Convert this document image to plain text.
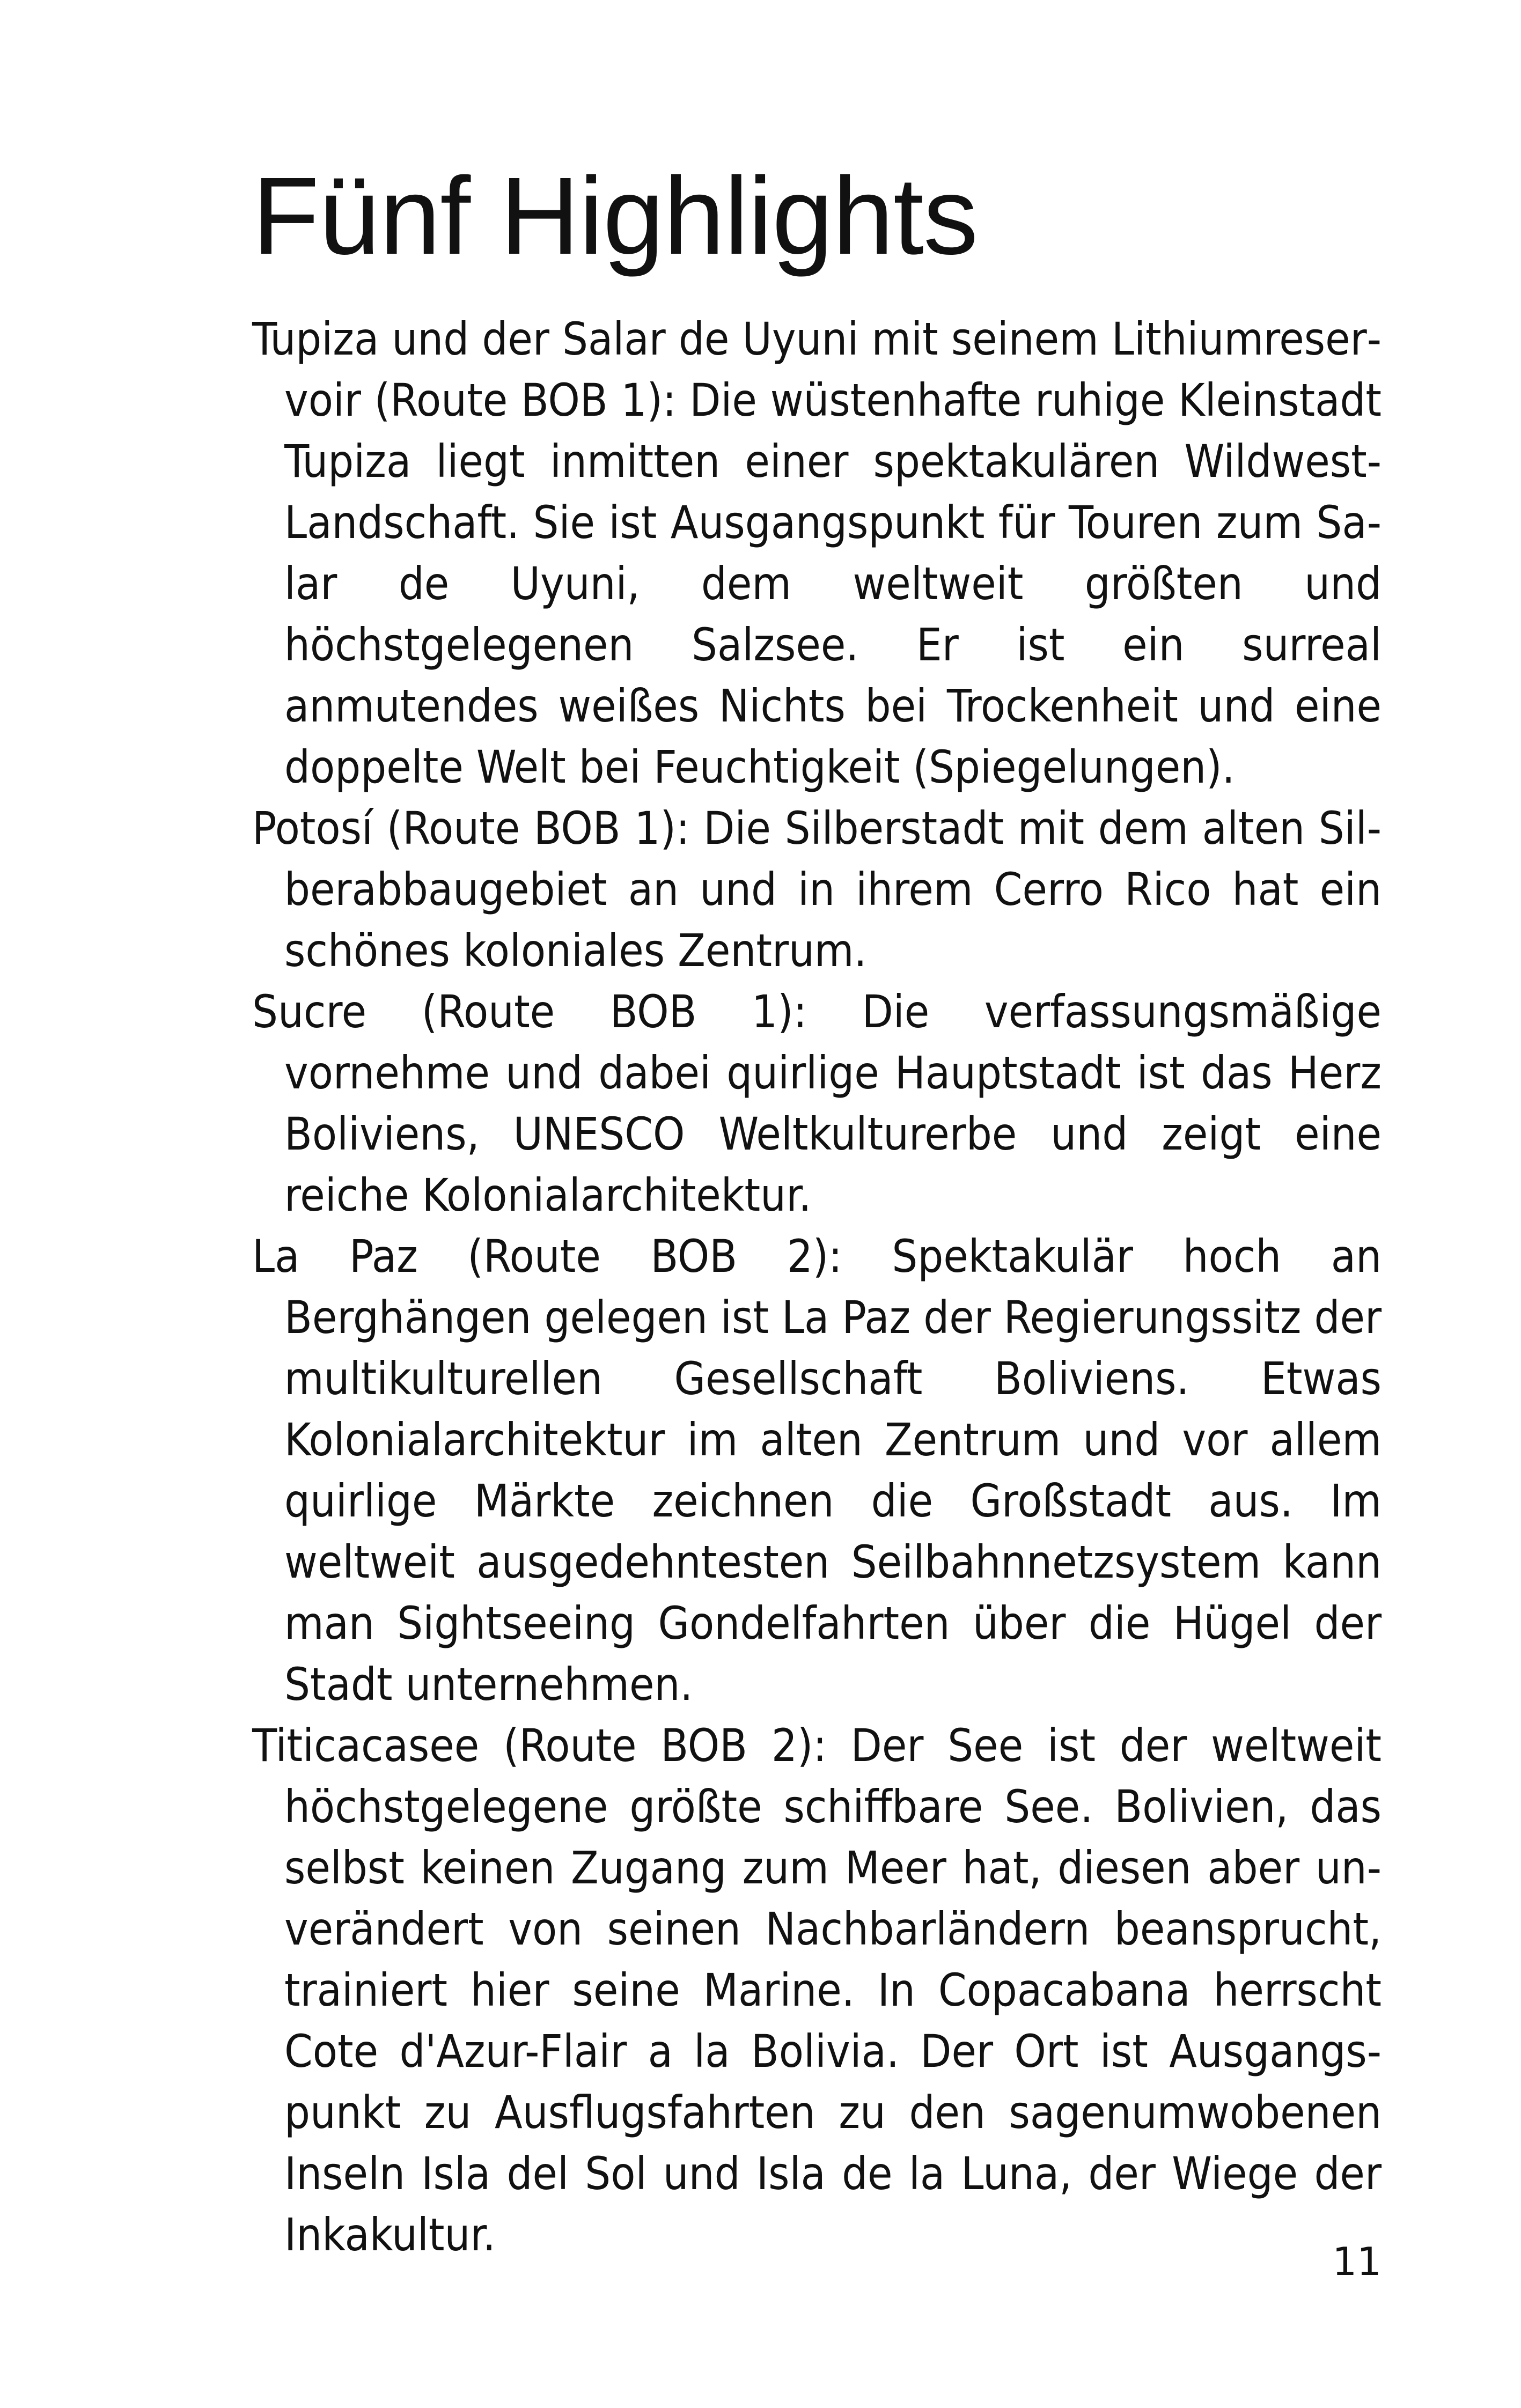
Fünf Highlights
Tupiza und der Salar de Uyuni mit seinem Lithiumreservoir (Route BOB 1): Die wüstenhafte ruhige Kleinstadt Tupiza liegt inmitten einer spektakulären Wildwest-Landschaft. Sie ist Ausgangspunkt für Touren zum Salar de Uyuni, dem weltweit größten und höchstgelegenen Salzsee. Er ist ein surreal anmutendes weißes Nichts bei Trockenheit und eine doppelte Welt bei Feuchtigkeit (Spiegelungen).
Potosí (Route BOB 1): Die Silberstadt mit dem alten Silberabbaugebiet an und in ihrem Cerro Rico hat ein schönes koloniales Zentrum.
Sucre (Route BOB 1): Die verfassungsmäßige vornehme und dabei quirlige Hauptstadt ist das Herz Boliviens, UNESCO Weltkulturerbe und zeigt eine reiche Kolonialarchitektur.
La Paz (Route BOB 2): Spektakulär hoch an Berghängen gelegen ist La Paz der Regierungssitz der multikulturellen Gesellschaft Boliviens. Etwas Kolonialarchitektur im alten Zentrum und vor allem quirlige Märkte zeichnen die Großstadt aus. Im weltweit ausgedehntesten Seilbahnnetzsystem kann man Sightseeing Gondelfahrten über die Hügel der Stadt unternehmen.
Titicacasee (Route BOB 2): Der See ist der weltweit höchstgelegene größte schiffbare See. Bolivien, das selbst keinen Zugang zum Meer hat, diesen aber unverändert von seinen Nachbarländern beansprucht, trainiert hier seine Marine. In Copacabana herrscht Cote d'Azur-Flair a la Bolivia. Der Ort ist Ausgangspunkt zu Ausflugsfahrten zu den sagenumwobenen Inseln Isla del Sol und Isla de la Luna, der Wiege der Inkakultur.
11
